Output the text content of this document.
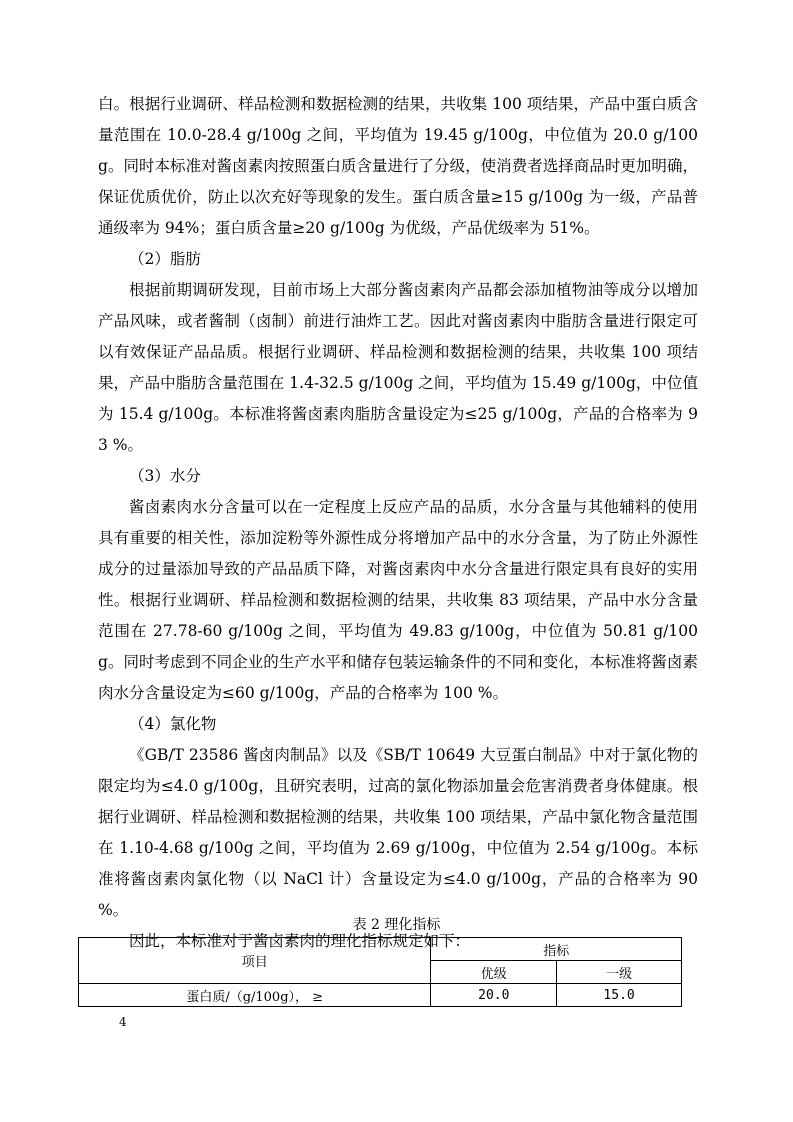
白。根据行业调研、样品检测和数据检测的结果，共收集 100 项结果，产品中蛋白质含量范围在 10.0-28.4 g/100g 之间，平均值为 19.45 g/100g，中位值为 20.0 g/100g。同时本标准对酱卤素肉按照蛋白质含量进行了分级，使消费者选择商品时更加明确，保证优质优价，防止以次充好等现象的发生。蛋白质含量≥15 g/100g 为一级，产品普通级率为 94%；蛋白质含量≥20 g/100g 为优级，产品优级率为 51%。

（2）脂肪

根据前期调研发现，目前市场上大部分酱卤素肉产品都会添加植物油等成分以增加产品风味，或者酱制（卤制）前进行油炸工艺。因此对酱卤素肉中脂肪含量进行限定可以有效保证产品品质。根据行业调研、样品检测和数据检测的结果，共收集 100 项结果，产品中脂肪含量范围在 1.4-32.5 g/100g 之间，平均值为 15.49 g/100g，中位值为 15.4 g/100g。本标准将酱卤素肉脂肪含量设定为≤25 g/100g，产品的合格率为 93 %。

（3）水分

酱卤素肉水分含量可以在一定程度上反应产品的品质，水分含量与其他辅料的使用具有重要的相关性，添加淀粉等外源性成分将增加产品中的水分含量，为了防止外源性成分的过量添加导致的产品品质下降，对酱卤素肉中水分含量进行限定具有良好的实用性。根据行业调研、样品检测和数据检测的结果，共收集 83 项结果，产品中水分含量范围在 27.78-60 g/100g 之间，平均值为 49.83 g/100g，中位值为 50.81 g/100g。同时考虑到不同企业的生产水平和储存包装运输条件的不同和变化，本标准将酱卤素肉水分含量设定为≤60 g/100g，产品的合格率为 100 %。

（4）氯化物

《GB/T 23586 酱卤肉制品》以及《SB/T 10649 大豆蛋白制品》中对于氯化物的限定均为≤4.0 g/100g，且研究表明，过高的氯化物添加量会危害消费者身体健康。根据行业调研、样品检测和数据检测的结果，共收集 100 项结果，产品中氯化物含量范围在 1.10-4.68 g/100g 之间，平均值为 2.69 g/100g，中位值为 2.54 g/100g。本标准将酱卤素肉氯化物（以 NaCl 计）含量设定为≤4.0 g/100g，产品的合格率为 90 %。

因此，本标准对于酱卤素肉的理化指标规定如下：

表 2 理化指标
项目	指标	
	优级	一级
蛋白质/（g/100g）， ≥	20.0	15.0
4
